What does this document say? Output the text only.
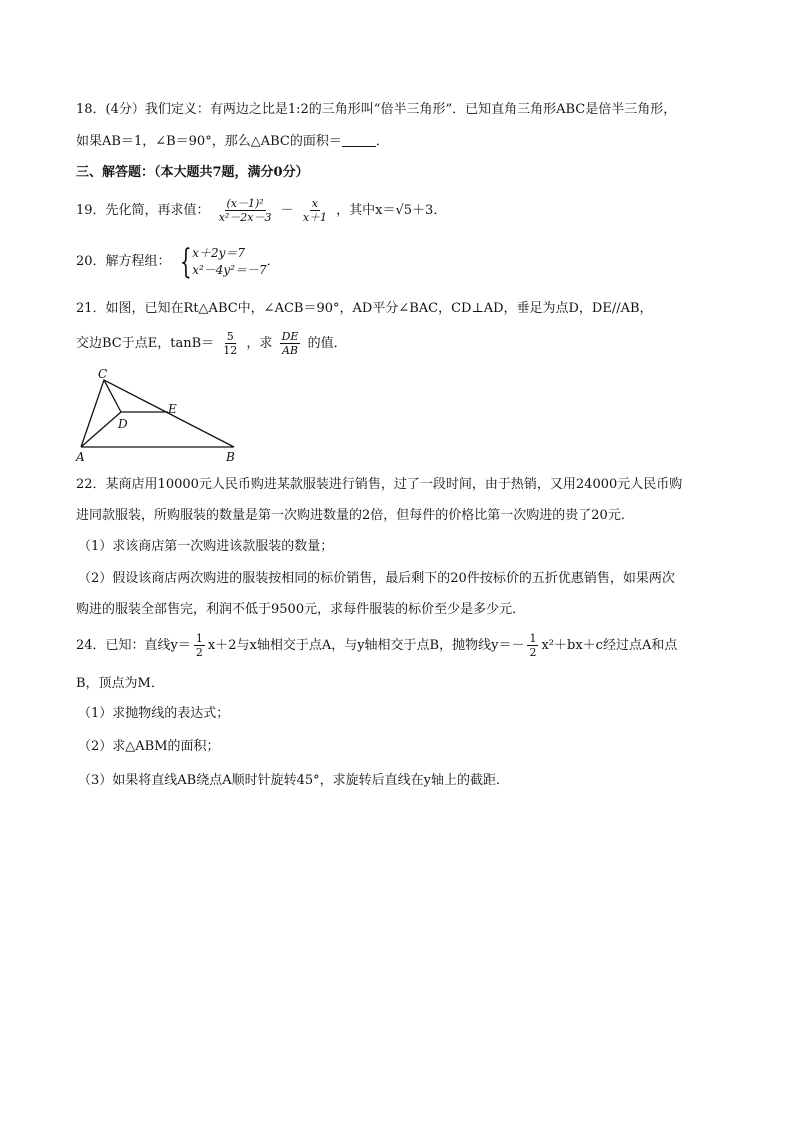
18．(4分）我们定义：有两边之比是1:2的三角形叫“倍半三角形”．已知直角三角形ABC是倍半三角形，
如果AB＝1，∠B＝90°，那么△ABC的面积＝	．
三、解答题：（本大题共7题，满分0分）
19．先化简，再求值： $\frac{\text{(x－1)²}}{\text{x²－2x－3}} - \frac{x}{x+1}$ ，其中x＝√5＋3．
20．解方程组： { x＋2y＝7
x²－4y²＝－7
．
21．如图，已知在Rt△ABC中，∠ACB＝90°，AD平分∠BAC，CD⊥AD，垂足为点D，DE//AB，
交边BC于点E，$\tan B= \frac{5}{12}$ ，求 $\frac{DE}{AB}$ 的值．
C
D
E
A	B
22．某商店用10000元人民币购进某款服装进行销售，过了一段时间，由于热销，又用24000元人民币购
进同款服装，所购服装的数量是第一次购进数量的2倍，但每件的价格比第一次购进的贵了20元．
（1）求该商店第一次购进该款服装的数量；
（2）假设该商店两次购进的服装按相同的标价销售，最后剩下的20件按标价的五折优惠销售，如果两次
购进的服装全部售完，利润不低于9500元，求每件服装的标价至少是多少元．
24．已知：直线$y= \frac{1}{2} x+2$与x轴相交于点A，与y轴相交于点B，抛物线$y=- \frac{1}{2} x^2+bx+c$经过点A和点
B，顶点为M．
（1）求抛物线的表达式；
（2）求△ABM的面积；
（3）如果将直线AB绕点A顺时针旋转45°，求旋转后直线在y轴上的截距．
